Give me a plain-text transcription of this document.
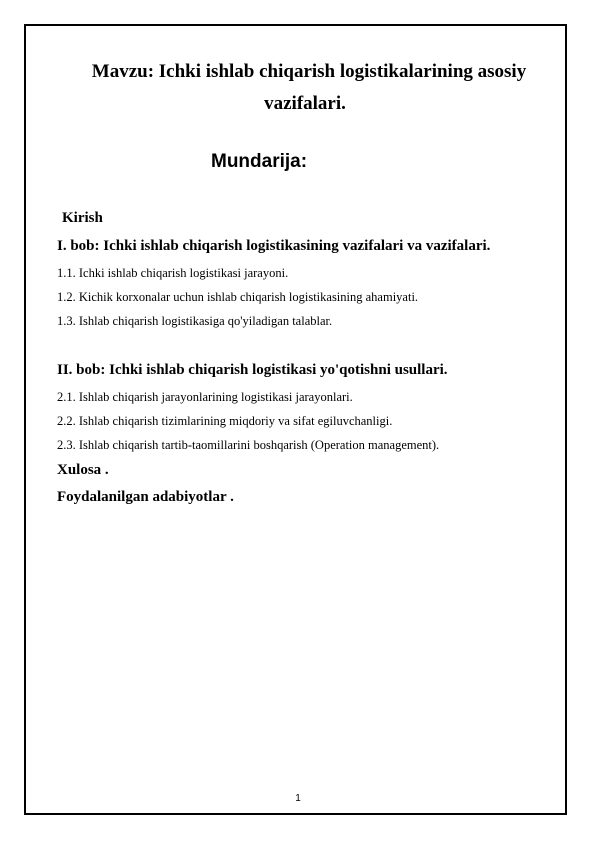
Mavzu: Ichki ishlab chiqarish logistikalarining asosiy
vazifalari.
Mundarija:
Kirish
I. bob: Ichki ishlab chiqarish logistikasining vazifalari va vazifalari.
1.1. Ichki ishlab chiqarish logistikasi jarayoni.
1.2. Kichik korxonalar uchun ishlab chiqarish logistikasining ahamiyati.
1.3. Ishlab chiqarish logistikasiga qo'yiladigan talablar.
II. bob: Ichki ishlab chiqarish logistikasi yo'qotishni usullari.
2.1. Ishlab chiqarish jarayonlarining logistikasi jarayonlari.
2.2. Ishlab chiqarish tizimlarining miqdoriy va sifat egiluvchanligi.
2.3. Ishlab chiqarish tartib-taomillarini boshqarish (Operation management).
Xulosa .
Foydalanilgan adabiyotlar .
1
